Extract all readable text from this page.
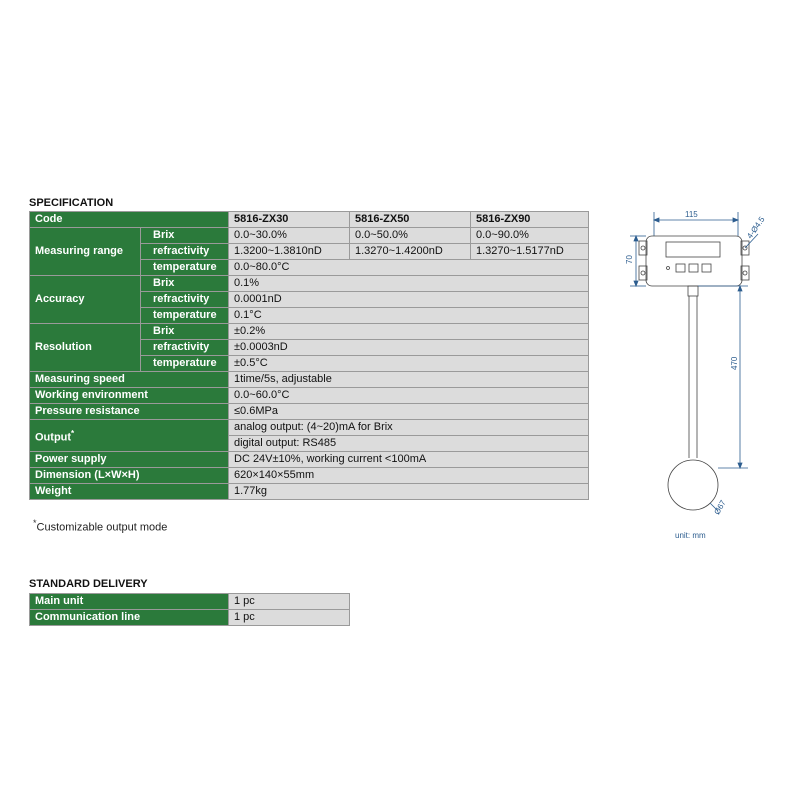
SPECIFICATION
Code		5816-ZX30	5816-ZX50	5816-ZX90
Measuring range	Brix	0.0~30.0%	0.0~50.0%	0.0~90.0%
	refractivity	1.3200~1.3810nD	1.3270~1.4200nD	1.3270~1.5177nD
	temperature	0.0~80.0°C		
Accuracy	Brix	0.1%		
	refractivity	0.0001nD		
	temperature	0.1°C		
Resolution	Brix	±0.2%		
	refractivity	±0.0003nD		
	temperature	±0.5°C		
Measuring speed		1time/5s, adjustable		
Working environment		0.0~60.0°C		
Pressure resistance		≤0.6MPa		
Output*		analog output: (4~20)mA for Brix		
		digital output: RS485		
Power supply		DC 24V±10%, working current <100mA		
Dimension (L×W×H)		620×140×55mm		
Weight		1.77kg		
*Customizable output mode
STANDARD DELIVERY
Main unit	1 pc
Communication line	1 pc
115
4-Ø4.5
70
470
Ø67
unit: mm
